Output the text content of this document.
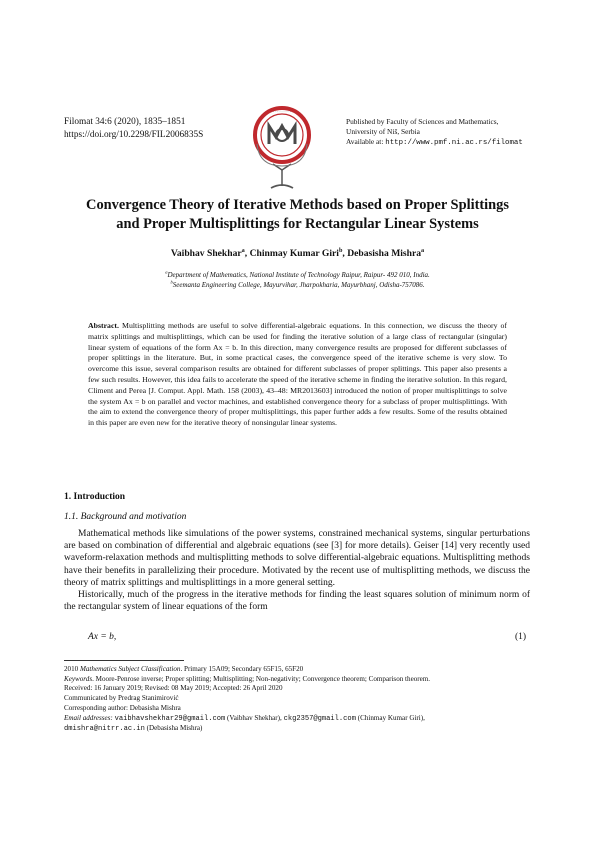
Filomat 34:6 (2020), 1835–1851
https://doi.org/10.2298/FIL2006835S
· · · · · · · · ·
Published by Faculty of Sciences and Mathematics,
University of Niš, Serbia
Available at: http://www.pmf.ni.ac.rs/filomat
Convergence Theory of Iterative Methods based on Proper Splittings
and Proper Multisplittings for Rectangular Linear Systems
Vaibhav Shekhar$^a$, Chinmay Kumar Giri$^b$, Debasisha Mishra$^a$
$^a$Department of Mathematics, National Institute of Technology Raipur, Raipur- 492 010, India.
$^b$Seemanta Engineering College, Mayurvihar, Jharpokharia, Mayurbhanj, Odisha-757086.
Abstract. Multisplitting methods are useful to solve differential-algebraic equations. In this connection, we discuss the theory of matrix splittings and multisplittings, which can be used for finding the iterative solution of a large class of rectangular (singular) linear system of equations of the form Ax = b. In this direction, many convergence results are proposed for different subclasses of proper splittings in the literature. But, in some practical cases, the convergence speed of the iterative scheme is very slow. To overcome this issue, several comparison results are obtained for different subclasses of proper splittings. This paper also presents a few such results. However, this idea fails to accelerate the speed of the iterative scheme in finding the iterative solution. In this regard, Climent and Perea [J. Comput. Appl. Math. 158 (2003), 43–48: MR2013603] introduced the notion of proper multisplittings to solve the system Ax = b on parallel and vector machines, and established convergence theory for a subclass of proper multisplittings. With the aim to extend the convergence theory of proper multisplittings, this paper further adds a few results. Some of the results obtained in this paper are even new for the iterative theory of nonsingular linear systems.
1. Introduction
1.1. Background and motivation

Mathematical methods like simulations of the power systems, constrained mechanical systems, singular perturbations are based on combination of differential and algebraic equations (see [3] for more details). Geiser [14] very recently used waveform-relaxation methods and multisplitting methods to solve differential-algebraic equations. Multisplitting methods have their benefits in parallelizing their procedure. Motivated by the recent use of multisplitting methods, we discuss the theory of matrix splittings and multisplittings in a more general setting.

Historically, much of the progress in the iterative methods for finding the least squares solution of minimum norm of the rectangular system of linear equations of the form

Ax = b,	(1)
2010 Mathematics Subject Classification. Primary 15A09; Secondary 65F15, 65F20
Keywords. Moore-Penrose inverse; Proper splitting; Multisplitting; Non-negativity; Convergence theorem; Comparison theorem.
Received: 16 January 2019; Revised: 08 May 2019; Accepted: 26 April 2020
Communicated by Predrag Stanimirović
Corresponding author: Debasisha Mishra
Email addresses: vaibhavshekhar29@gmail.com (Vaibhav Shekhar), ckg2357@gmail.com (Chinmay Kumar Giri),
dmishra@nitrr.ac.in (Debasisha Mishra)
